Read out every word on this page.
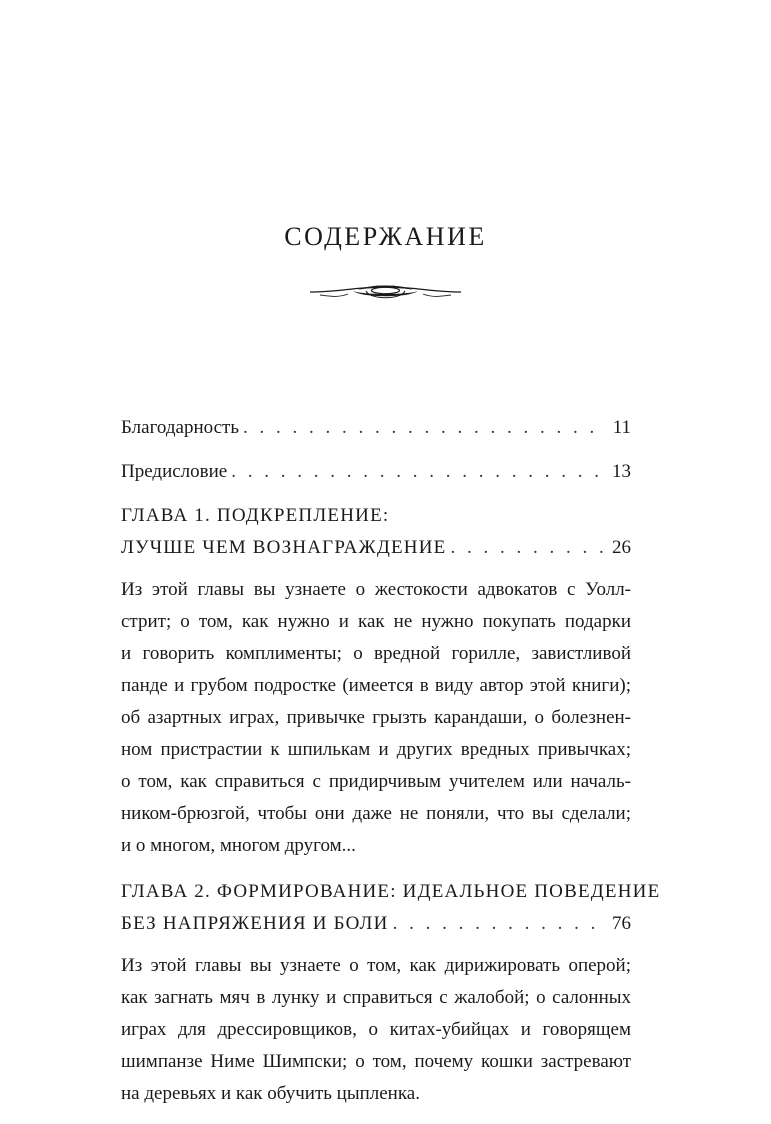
СОДЕРЖАНИЕ
Благодарность . . .	11
Предисловие . . .	13
ГЛАВА 1. ПОДКРЕПЛЕНИЕ:
ЛУЧШЕ ЧЕМ ВОЗНАГРАЖДЕНИЕ . . .	26
Из этой главы вы узнаете о жестокости адвокатов с Уолл-
стрит; о том, как нужно и как не нужно покупать подарки
и говорить комплименты; о вредной горилле, завистливой
панде и грубом подростке (имеется в виду автор этой книги);
об азартных играх, привычке грызть карандаши, о болезнен-
ном пристрастии к шпилькам и других вредных привычках;
о том, как справиться с придирчивым учителем или началь-
ником-брюзгой, чтобы они даже не поняли, что вы сделали;
и о многом, многом другом...
ГЛАВА 2. ФОРМИРОВАНИЕ: ИДЕАЛЬНОЕ ПОВЕДЕНИЕ
БЕЗ НАПРЯЖЕНИЯ И БОЛИ . . .	76
Из этой главы вы узнаете о том, как дирижировать оперой;
как загнать мяч в лунку и справиться с жалобой; о салонных
играх для дрессировщиков, о китах-убийцах и говорящем
шимпанзе Ниме Шимпски; о том, почему кошки застревают
на деревьях и как обучить цыпленка.
